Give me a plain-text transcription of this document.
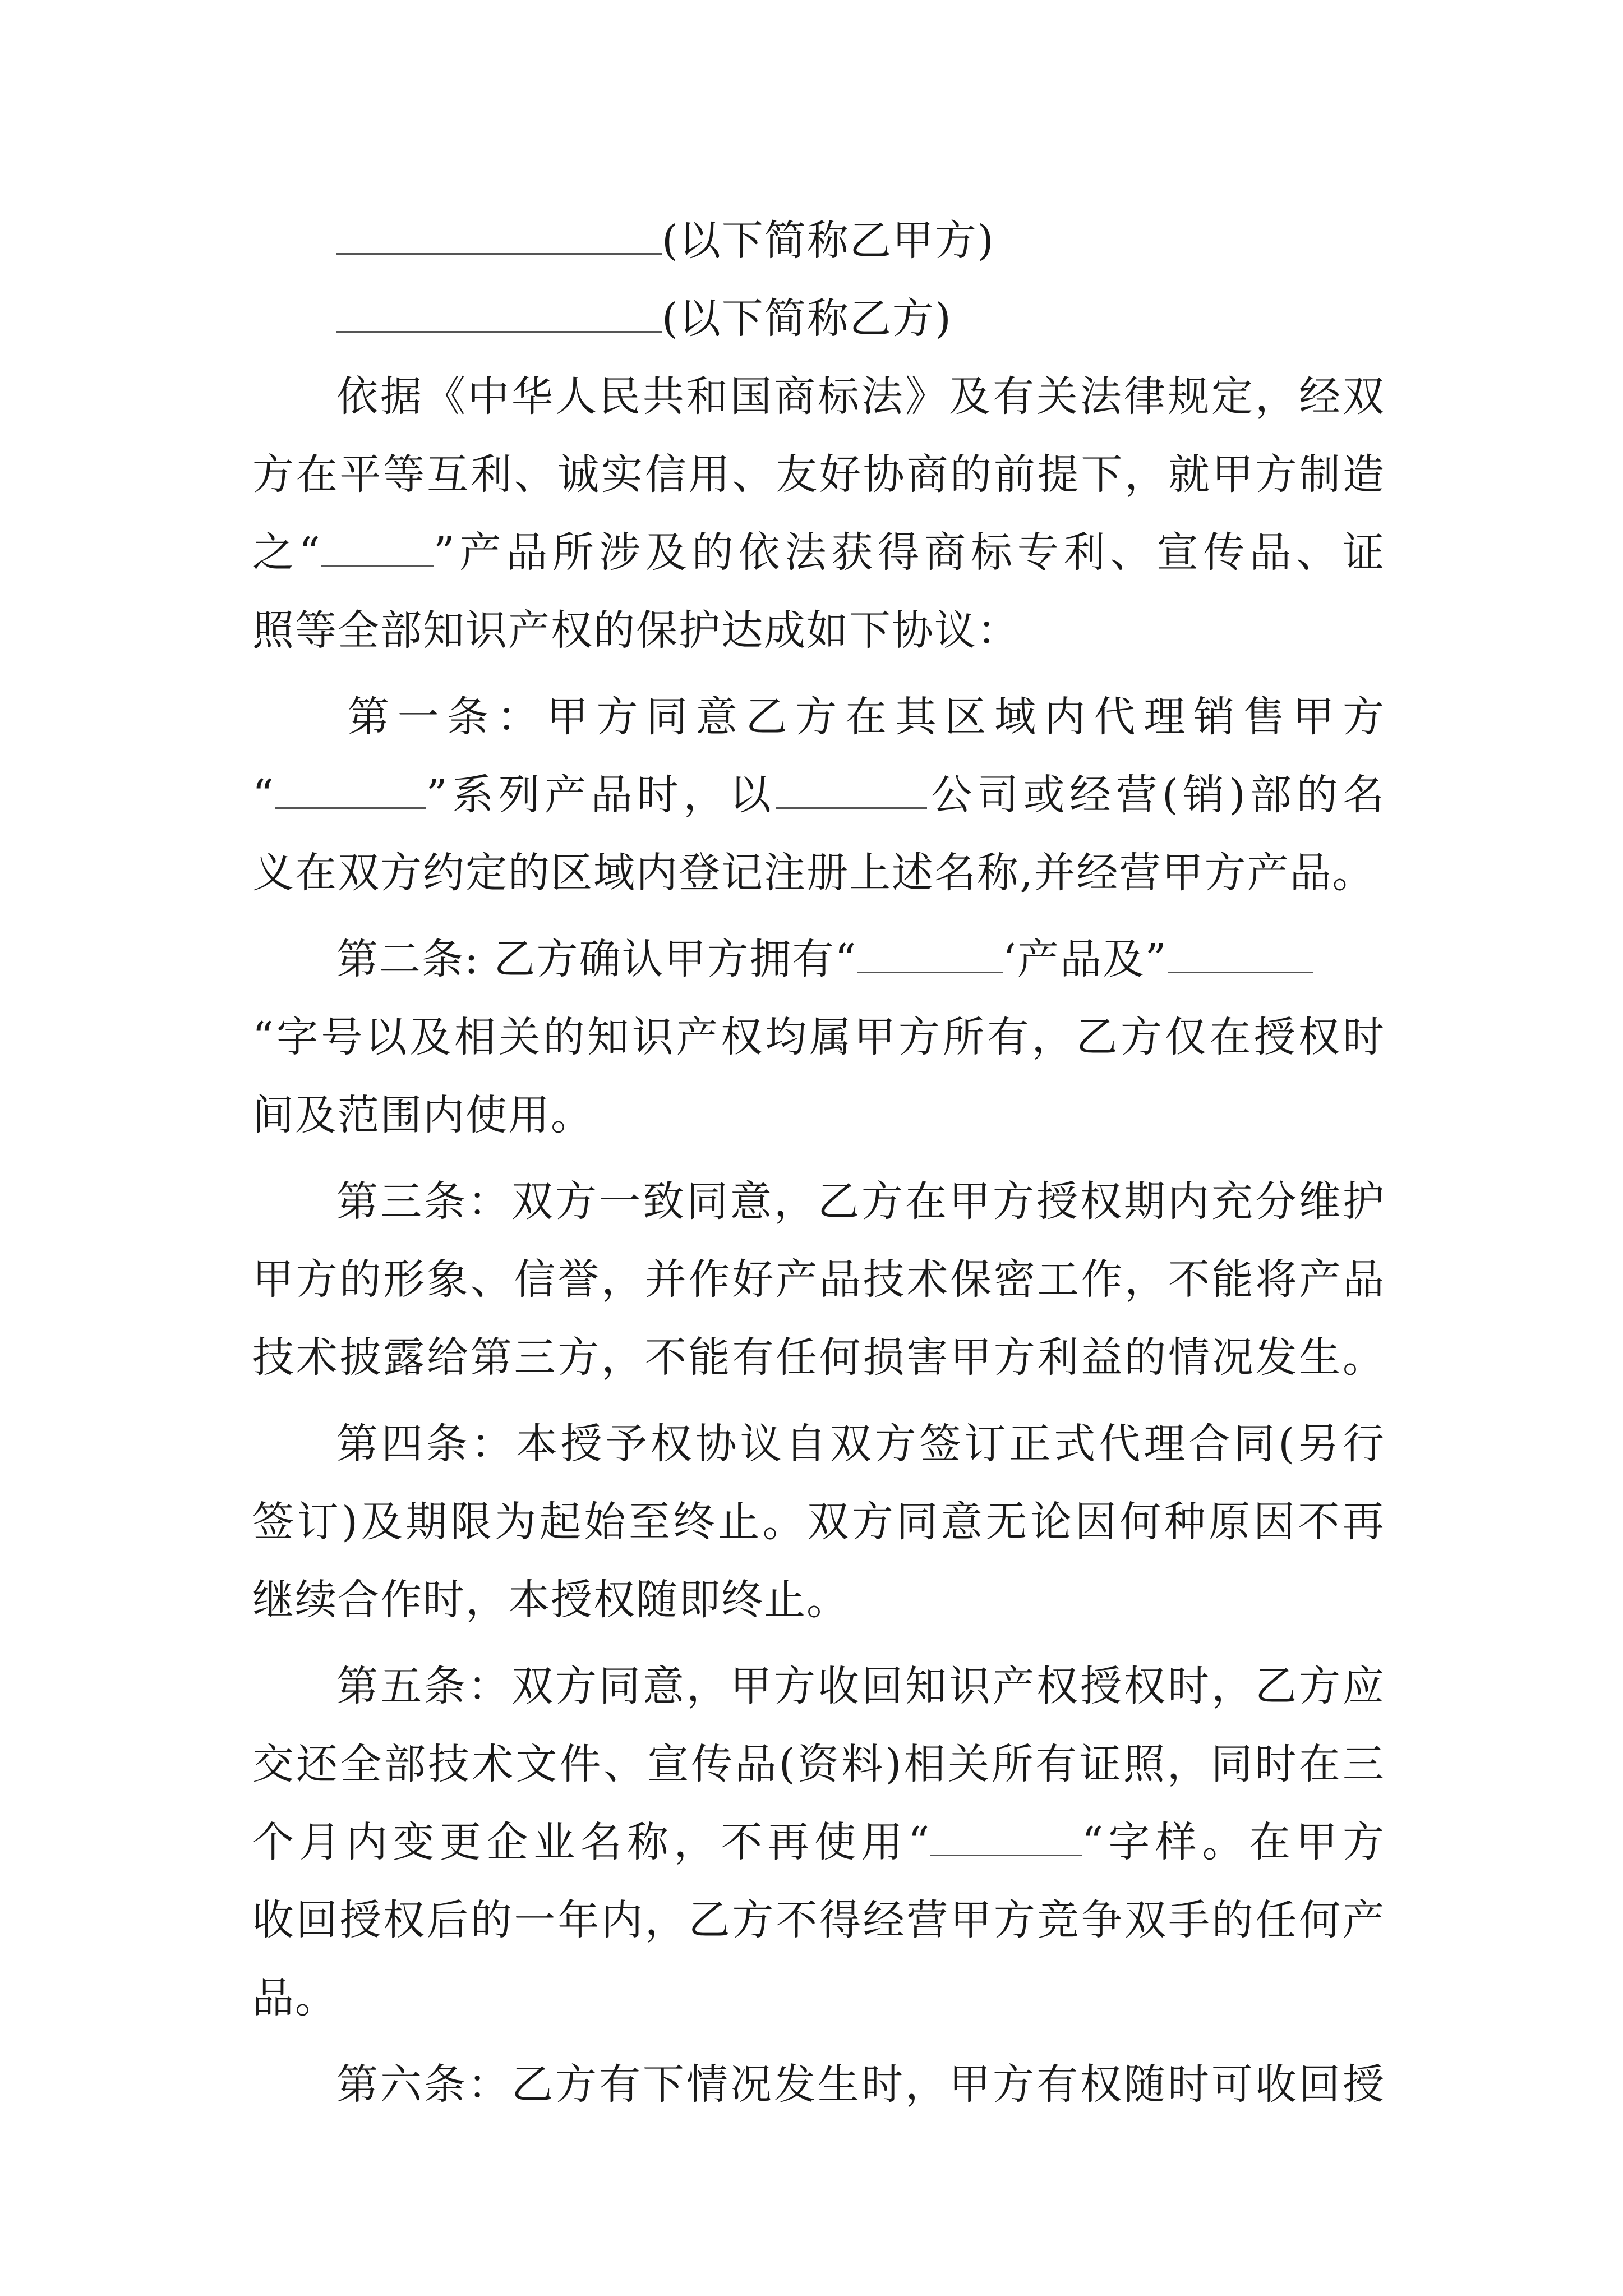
(以下简称乙甲方)
(以下简称乙方)
依据《中华人民共和国商标法》及有关法律规定，经双
方在平等互利、诚实信用、友好协商的前提下，就甲方制造
之“	”产品所涉及的依法获得商标专利、宣传品、证
照等全部知识产权的保护达成如下协议：
第一条：甲方同意乙方在其区域内代理销售甲方
“	”系列产品时，以	公司或经营(销)部的名
义在双方约定的区域内登记注册上述名称,并经营甲方产品。
第二条: 乙方确认甲方拥有“	‘产品及”
“字号以及相关的知识产权均属甲方所有，乙方仅在授权时
间及范围内使用。
第三条：双方一致同意，乙方在甲方授权期内充分维护
甲方的形象、信誉，并作好产品技术保密工作，不能将产品
技术披露给第三方，不能有任何损害甲方利益的情况发生。
第四条：本授予权协议自双方签订正式代理合同(另行
签订)及期限为起始至终止。双方同意无论因何种原因不再
继续合作时，本授权随即终止。
第五条：双方同意，甲方收回知识产权授权时，乙方应
交还全部技术文件、宣传品(资料)相关所有证照，同时在三
个月内变更企业名称，不再使用“	“字样。在甲方
收回授权后的一年内，乙方不得经营甲方竞争双手的任何产
品。
第六条：乙方有下情况发生时，甲方有权随时可收回授
